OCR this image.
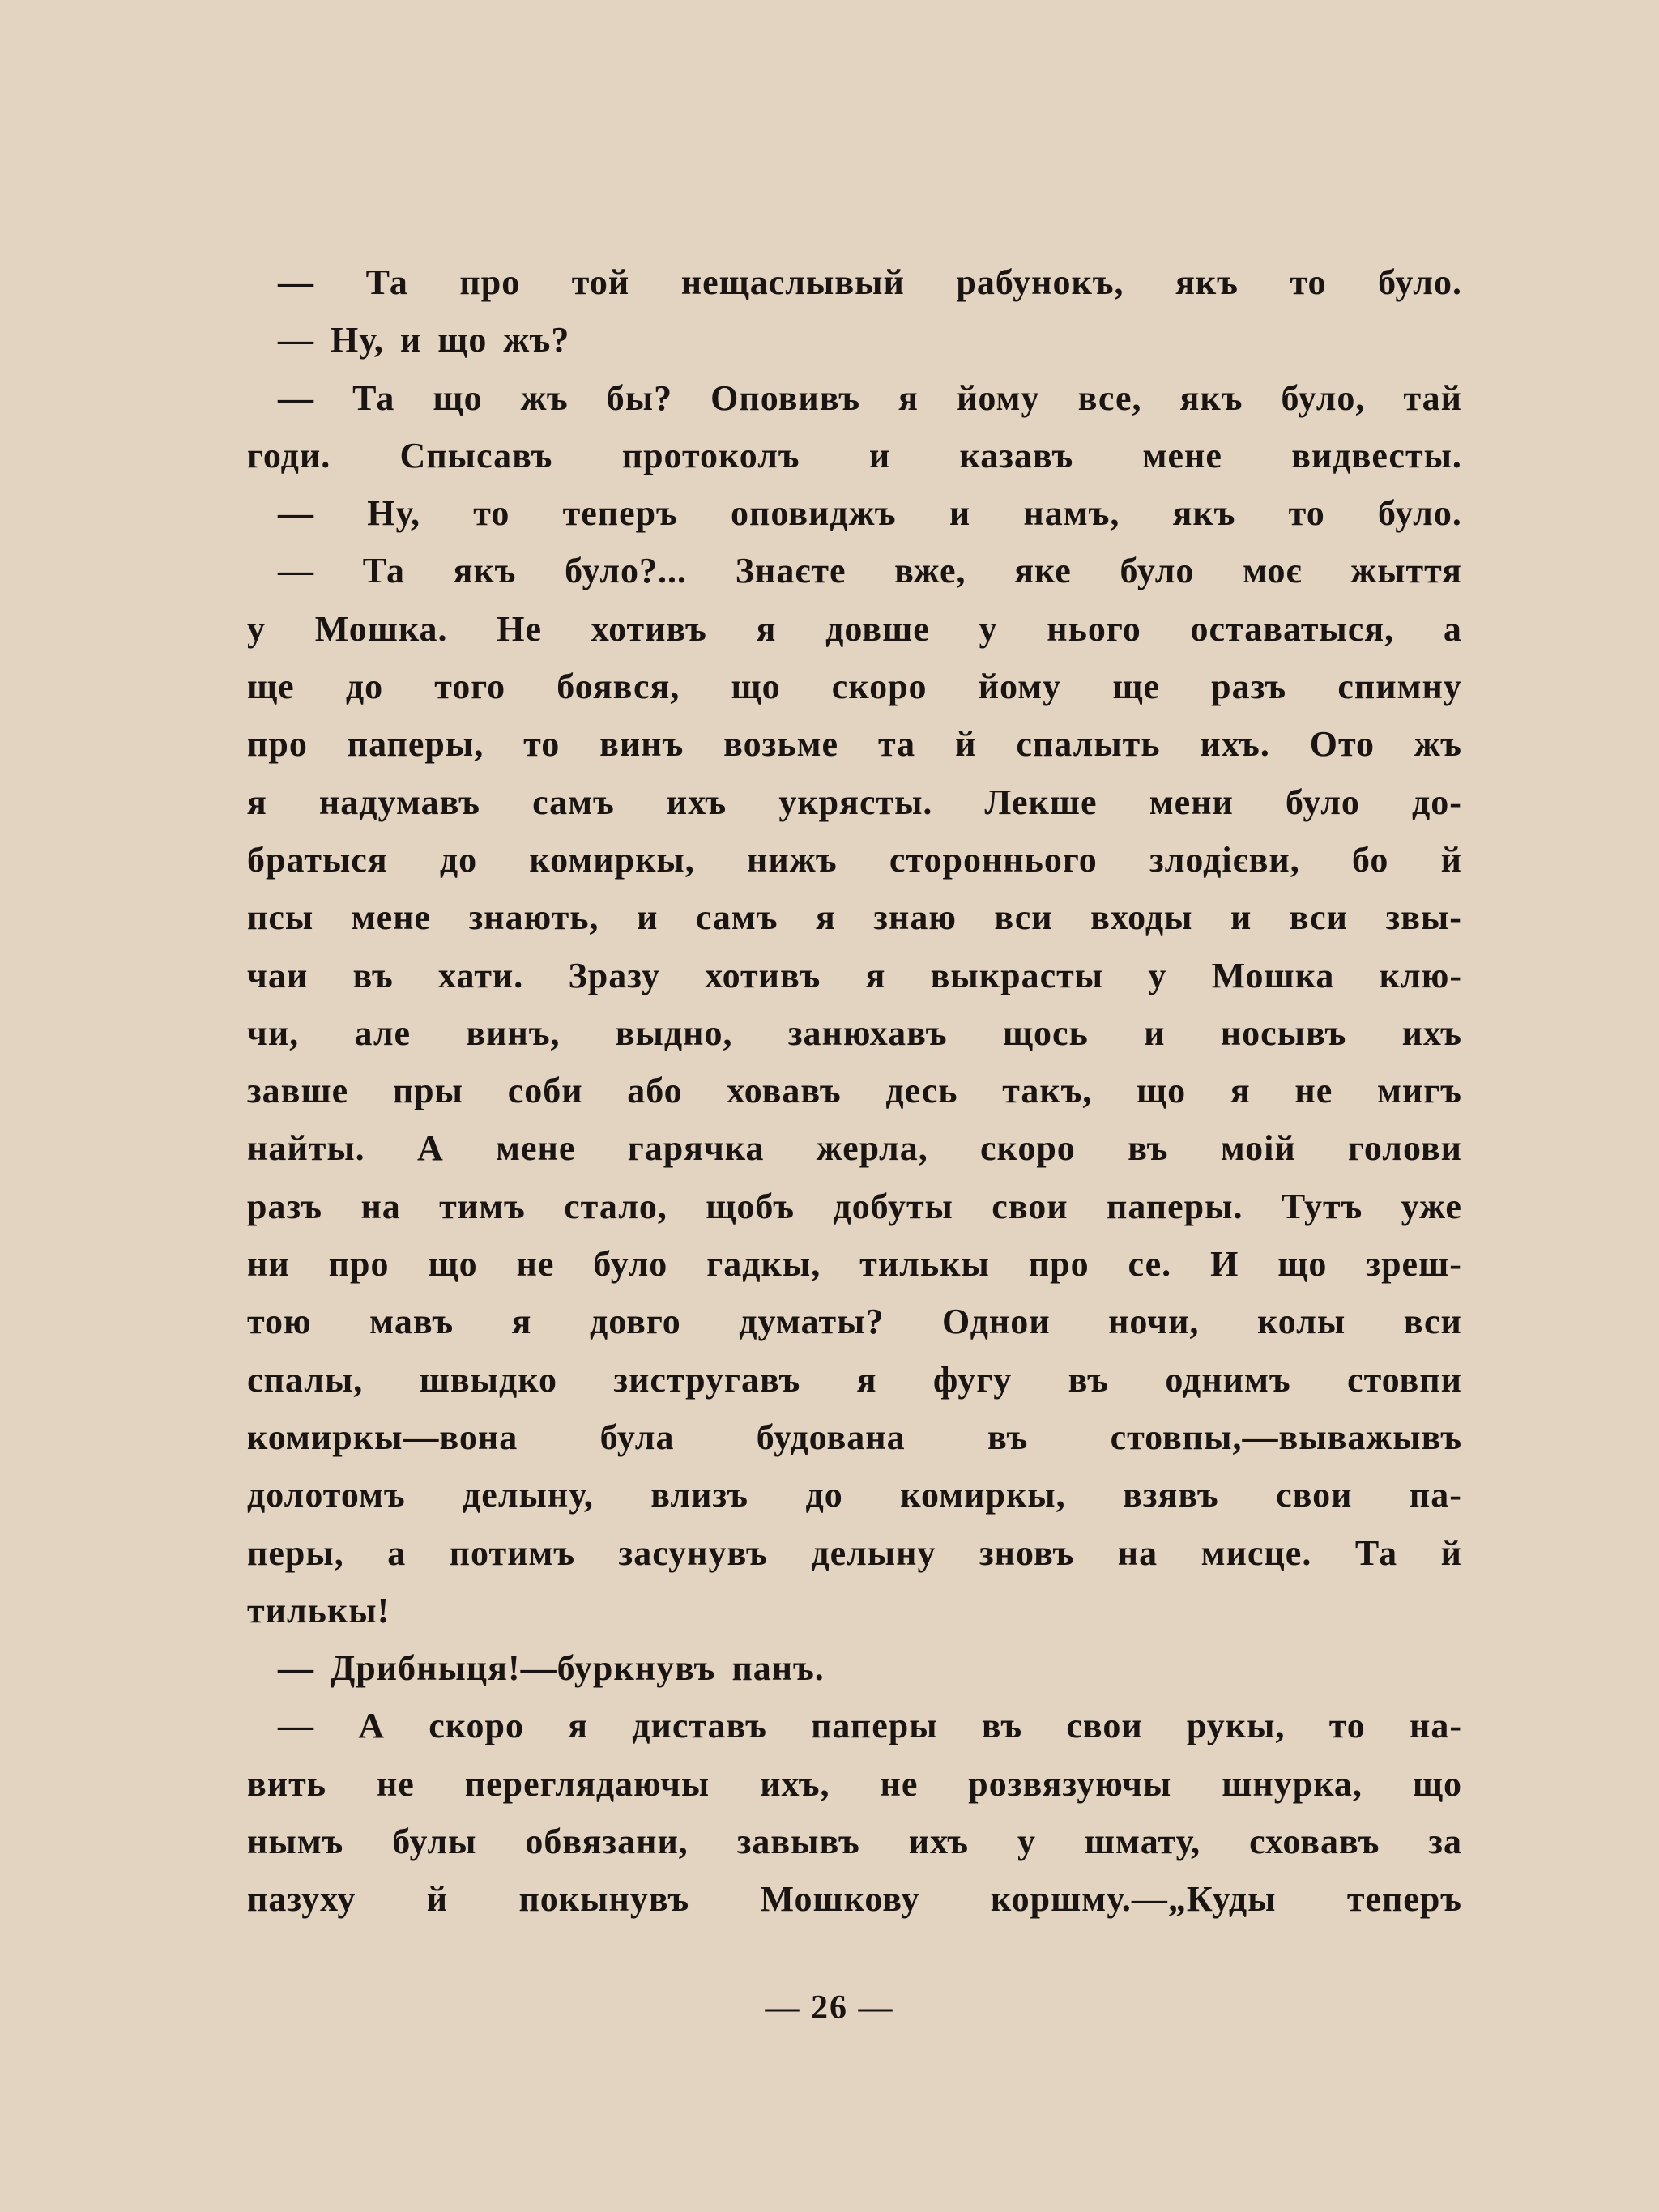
— Та про той нещаслывый рабунокъ, якъ то було.
— Ну, и що жъ?
— Та що жъ бы? Оповивъ я йому все, якъ було, тай
годи. Спысавъ протоколъ и казавъ мене видвесты.
— Ну, то теперъ оповиджъ и намъ, якъ то було.
— Та якъ було?... Знаєте вже, яке було моє жыття
у Мошка. Не хотивъ я довше у нього оставатыся, а
ще до того боявся, що скоро йому ще разъ спимну
про паперы, то винъ возьме та й спалыть ихъ. Ото жъ
я надумавъ самъ ихъ укрясты. Лекше мени було до-
братыся до комиркы, нижъ стороннього злодієви, бо й
псы мене знають, и самъ я знаю вси входы и вси звы-
чаи въ хати. Зразу хотивъ я выкрасты у Мошка клю-
чи, але винъ, выдно, занюхавъ щось и носывъ ихъ
завше пры соби або ховавъ десь такъ, що я не мигъ
найты. А мене гарячка жерла, скоро въ моій голови
разъ на тимъ стало, щобъ добуты свои паперы. Тутъ уже
ни про що не було гадкы, тилькы про се. И що зреш-
тою мавъ я довго думаты? Однои ночи, колы вси
спалы, швыдко зистругавъ я фугу въ однимъ стовпи
комиркы—вона була будована въ стовпы,—выважывъ
долотомъ делыну, влизъ до комиркы, взявъ свои па-
перы, а потимъ засунувъ делыну зновъ на мисце. Та й
тилькы!
— Дрибныця!—буркнувъ панъ.
— А скоро я диставъ паперы въ свои рукы, то на-
вить не переглядаючы ихъ, не розвязуючы шнурка, що
нымъ булы обвязани, завывъ ихъ у шмату, сховавъ за
пазуху й покынувъ Мошкову коршму.—„Куды теперъ
— 26 —
